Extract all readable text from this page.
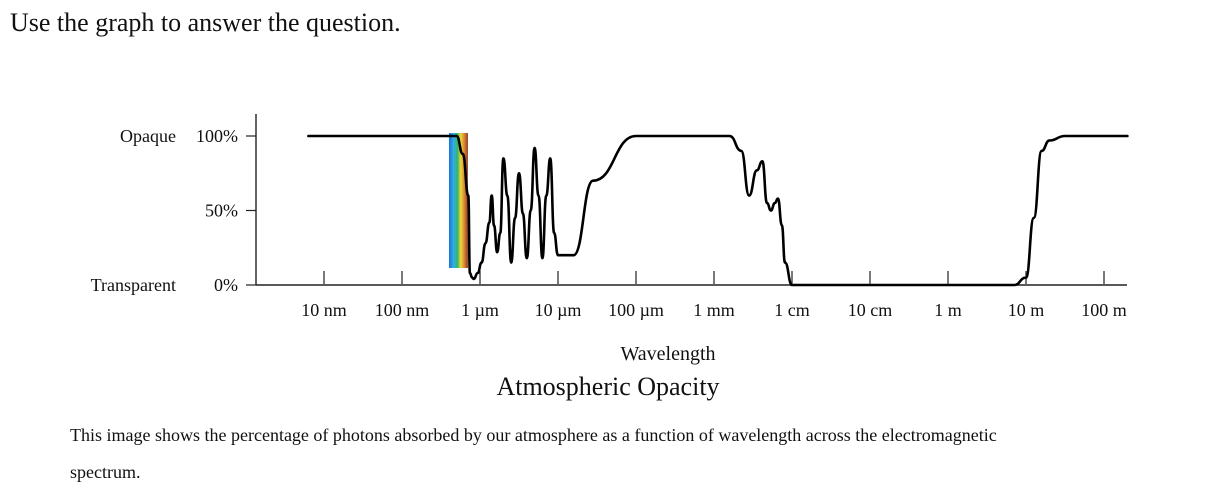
Use the graph to answer the question.
100%
Opaque
50%
0%
Transparent
10 nm 100 nm 1 µm 10 µm 100 µm 1 mm 1 cm 10 cm 1 m	10 m 100 m
Wavelength
Atmospheric Opacity
This image shows the percentage of photons absorbed by our atmosphere as a function of wavelength across the electromagnetic spectrum.
